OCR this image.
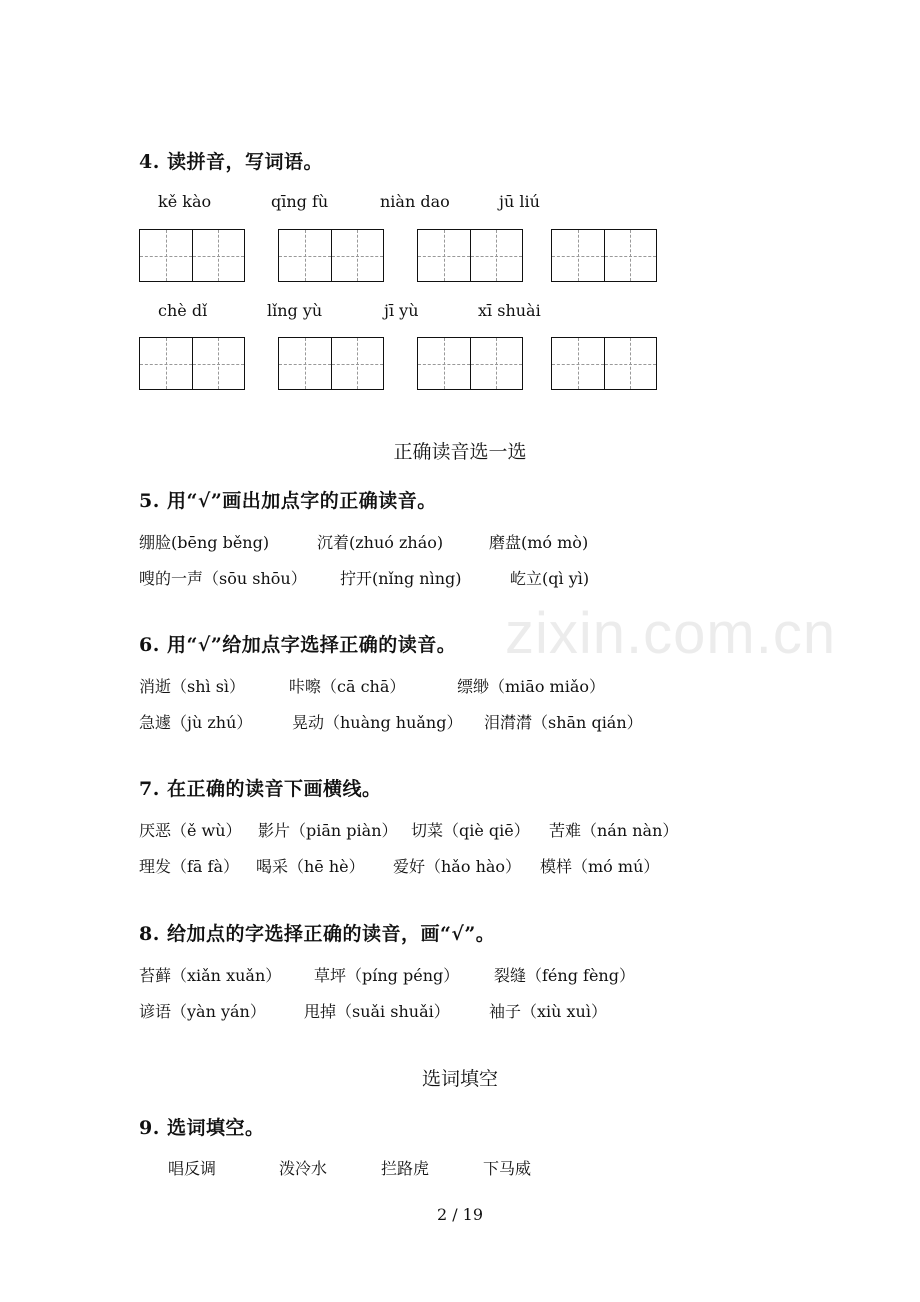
zixin.com.cn
4. 读拼音，写词语。
kě kào	qīng fù	niàn dao	jū liú
chè dǐ	lǐng yù	jī yù	xī shuài
正确读音选一选
5. 用“√”画出加点字的正确读音。
绷脸(bēng běng)	沉着(zhuó zháo)	磨盘(mó mò)
嗖的一声（sōu shōu） 拧开(nǐng nìng)	屹立(qì yì)
6. 用“√”给加点字选择正确的读音。
消逝（shì sì）	咔嚓（cā chā）	缥缈（miāo miǎo）
急遽（jù zhú） 晃动（huàng huǎng） 泪潸潸（shān qián）
7. 在正确的读音下画横线。
厌恶（ě wù） 影片（piān piàn） 切菜（qiè qiē） 苦难（nán nàn）
理发（fā fà） 喝采（hē hè） 爱好（hǎo hào） 模样（mó mú）
8. 给加点的字选择正确的读音，画“√”。
苔藓（xiǎn xuǎn） 草坪（píng péng） 裂缝（féng fèng）
谚语（yàn yán） 甩掉（suǎi shuǎi） 袖子（xiù xuì）
选词填空
9. 选词填空。
唱反调	泼冷水	拦路虎	下马威
2 / 19
